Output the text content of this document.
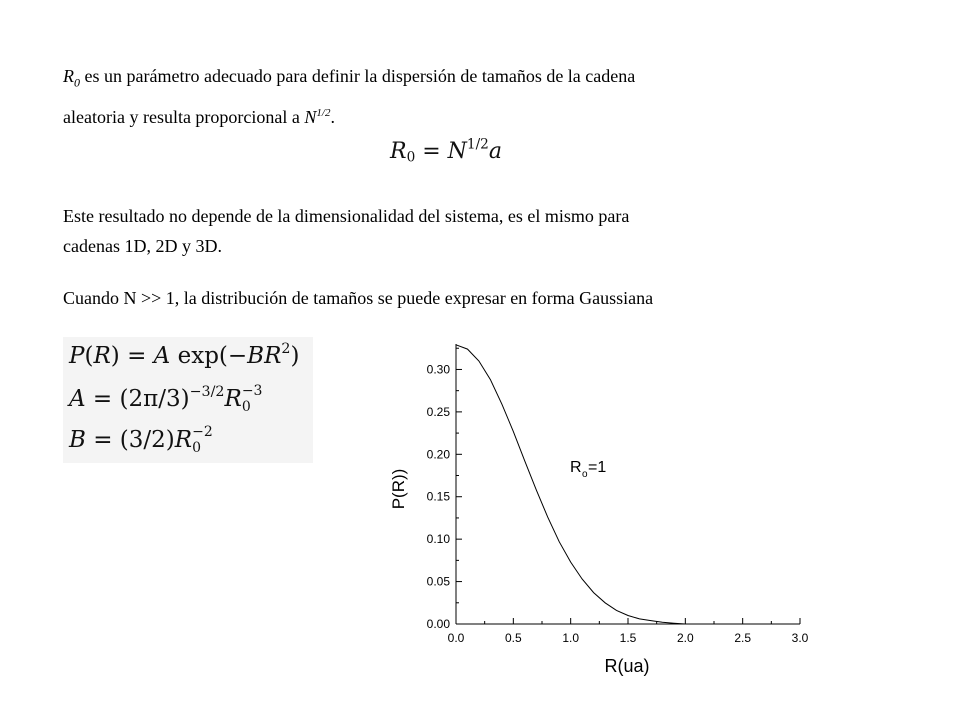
$R_0$ es un parámetro adecuado para definir la dispersión de tamaños de la cadena
aleatoria y resulta proporcional a $N^{1/2}$.
$R_0 = N^{1/2}a$
Este resultado no depende de la dimensionalidad del sistema, es el mismo para
cadenas 1D, 2D y 3D.
Cuando N >> 1, la distribución de tamaños se puede expresar en forma Gaussiana
P(R) = A $\exp(-BR^2)$
$A = (2\pi/3)^{-3/2}R -3$
0
B = (3/2)R −2
0
0.0	0.5	1.0	1.5	2.0	2.5	3.0
0.00
0.05
0.10
0.15
0.20
0.25
0.30
R o =1
R(ua)
P(R))
